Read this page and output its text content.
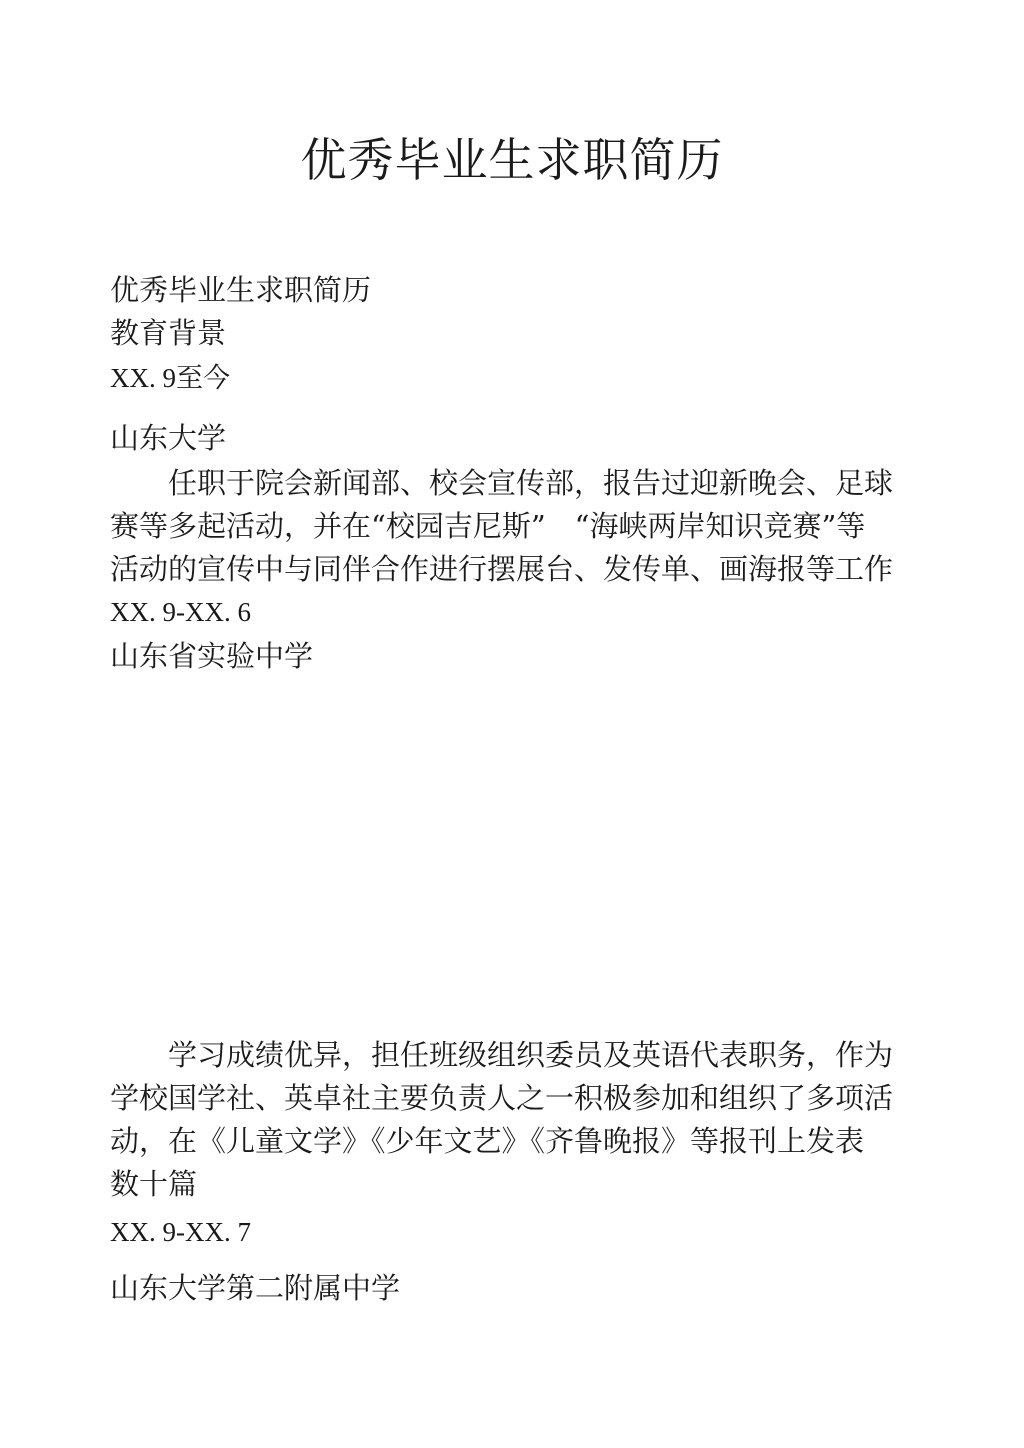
优秀毕业生求职简历
优秀毕业生求职简历
教育背景
XX. 9至今
山东大学
任职于院会新闻部、校会宣传部，报告过迎新晚会、足球
赛等多起活动，并在“校园吉尼斯”　“海峡两岸知识竞赛”等
活动的宣传中与同伴合作进行摆展台、发传单、画海报等工作
XX. 9-XX. 6
山东省实验中学
学习成绩优异，担任班级组织委员及英语代表职务，作为
学校国学社、英卓社主要负责人之一积极参加和组织了多项活
动，在《儿童文学》《少年文艺》《齐鲁晚报》等报刊上发表
数十篇
XX. 9-XX. 7
山东大学第二附属中学
